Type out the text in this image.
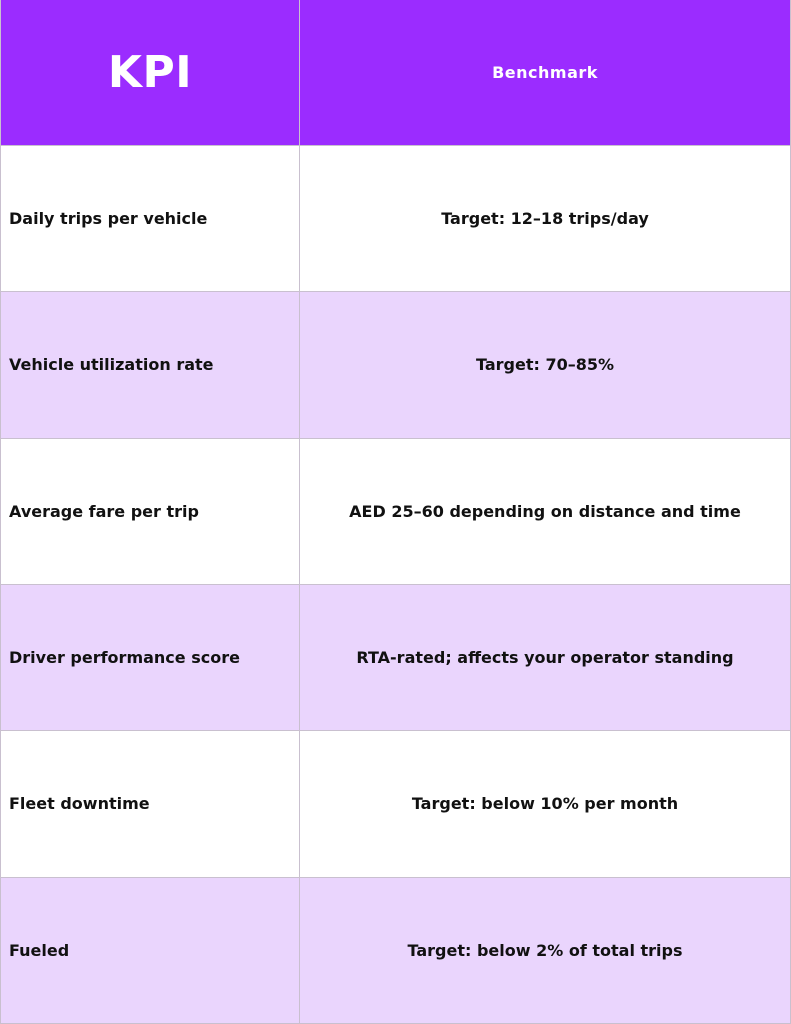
KPI	Benchmark
Daily trips per vehicle	Target: 12–18 trips/day
Vehicle utilization rate	Target: 70–85%
Average fare per trip	AED 25–60 depending on distance and time
Driver performance score	RTA-rated; affects your operator standing
Fleet downtime	Target: below 10% per month
Fueled	Target: below 2% of total trips
